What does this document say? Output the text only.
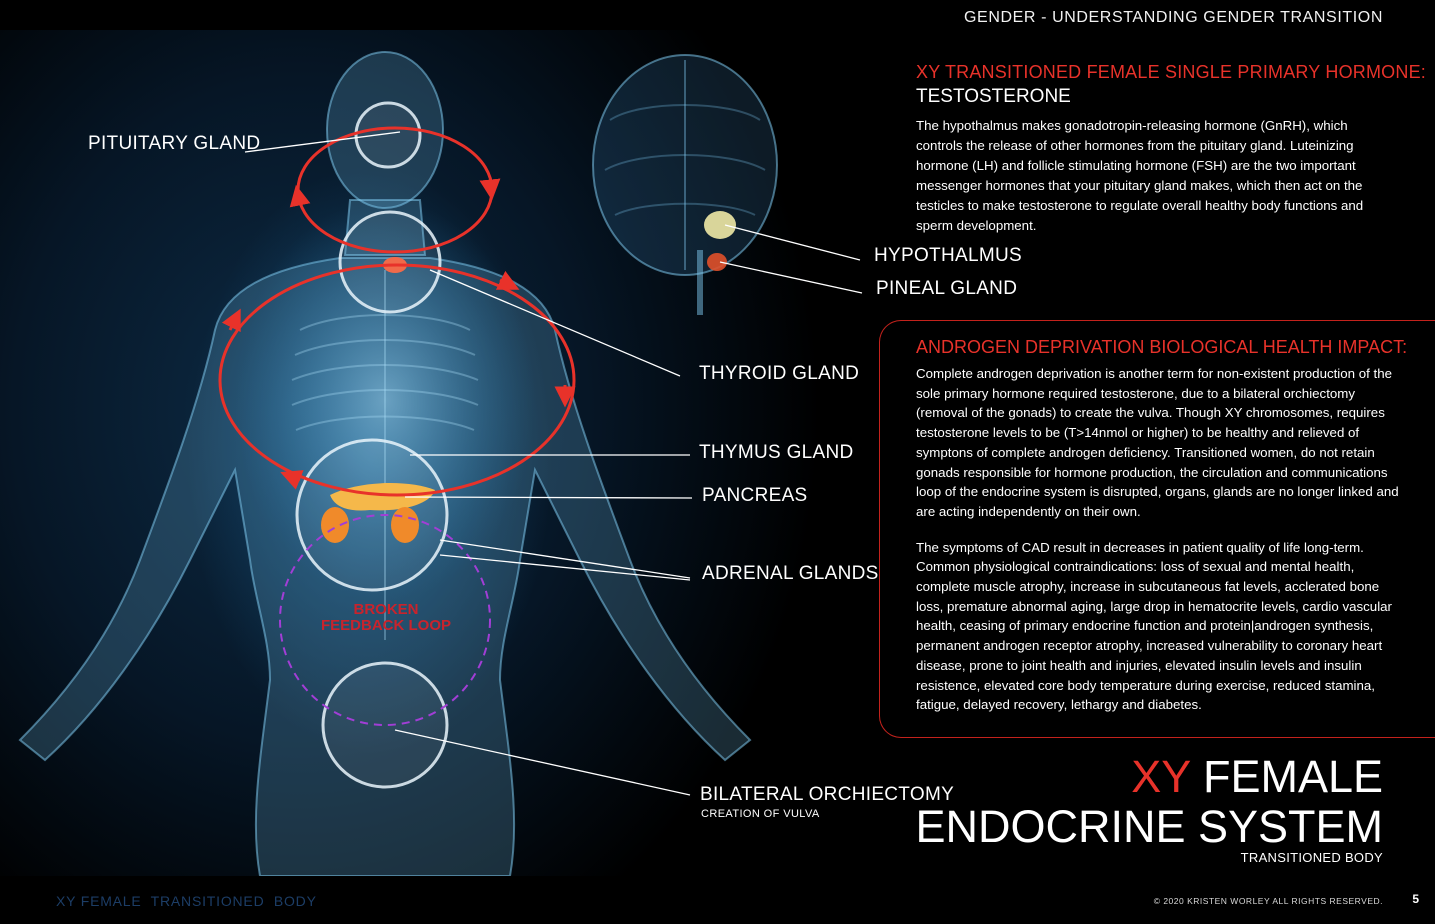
GENDER - UNDERSTANDING GENDER TRANSITION
PITUITARY GLAND
HYPOTHALMUS
PINEAL GLAND
THYROID GLAND
THYMUS GLAND
PANCREAS
ADRENAL GLANDS
BILATERAL ORCHIECTOMY
CREATION OF VULVA
BROKEN
FEEDBACK LOOP
XY TRANSITIONED FEMALE SINGLE PRIMARY HORMONE:
TESTOSTERONE
The hypothalmus makes gonadotropin-releasing hormone (GnRH), which controls the release of other hormones from the pituitary gland. Luteinizing hormone (LH) and follicle stimulating hormone (FSH) are the two important messenger hormones that your pituitary gland makes, which then act on the testicles to make testosterone to regulate overall healthy body functions and sperm development.
ANDROGEN DEPRIVATION BIOLOGICAL HEALTH IMPACT:

Complete androgen deprivation is another term for non-existent production of the sole primary hormone required testosterone, due to a bilateral orchiectomy (removal of the gonads) to create the vulva. Though XY chromosomes, requires testosterone levels to be (T>14nmol or higher) to be healthy and relieved of symptons of complete androgen deficiency. Transitioned women, do not retain gonads responsible for hormone production, the circulation and communications loop of the endocrine system is disrupted, organs, glands are no longer linked and are acting independently on their own.

The symptoms of CAD result in decreases in patient quality of life long-term. Common physiological contraindications: loss of sexual and mental health, complete muscle atrophy, increase in subcutaneous fat levels, acclerated bone loss, premature abnormal aging, large drop in hematocrite levels, cardio vascular health, ceasing of primary endocrine function and protein|androgen synthesis, permanent androgen receptor atrophy, increased vulnerability to coronary heart disease, prone to joint health and injuries, elevated insulin levels and insulin resistence, elevated core body temperature during exercise, reduced stamina, fatigue, delayed recovery, lethargy and diabetes.

XY FEMALE
ENDOCRINE SYSTEM
TRANSITIONED BODY
XY FEMALE  TRANSITIONED  BODY	© 2020 KRISTEN WORLEY ALL RIGHTS RESERVED. 5
